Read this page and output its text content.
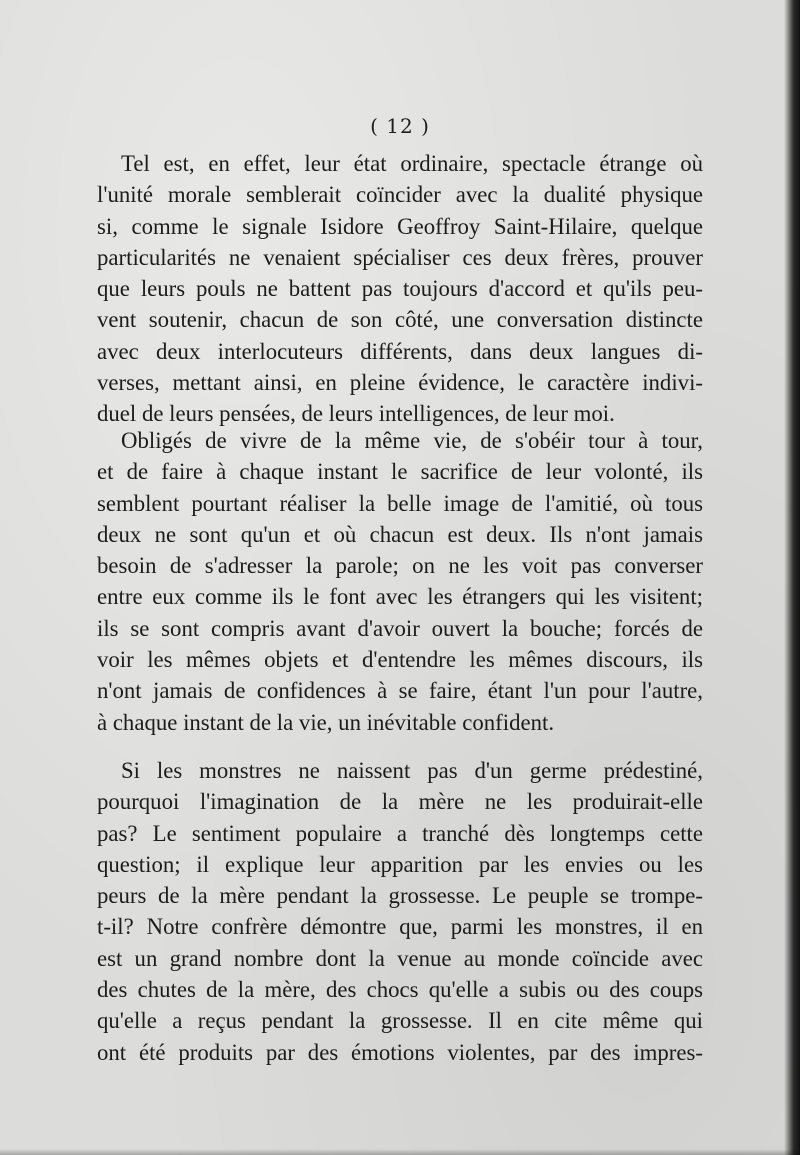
( 12 )
Tel est, en effet, leur état ordinaire, spectacle étrange où
l'unité morale semblerait coïncider avec la dualité physique
si, comme le signale Isidore Geoffroy Saint-Hilaire, quelque
particularités ne venaient spécialiser ces deux frères, prouver
que leurs pouls ne battent pas toujours d'accord et qu'ils peu-
vent soutenir, chacun de son côté, une conversation distincte
avec deux interlocuteurs différents, dans deux langues di-
verses, mettant ainsi, en pleine évidence, le caractère indivi-
duel de leurs pensées, de leurs intelligences, de leur moi.
Obligés de vivre de la même vie, de s'obéir tour à tour,
et de faire à chaque instant le sacrifice de leur volonté, ils
semblent pourtant réaliser la belle image de l'amitié, où tous
deux ne sont qu'un et où chacun est deux. Ils n'ont jamais
besoin de s'adresser la parole; on ne les voit pas converser
entre eux comme ils le font avec les étrangers qui les visitent;
ils se sont compris avant d'avoir ouvert la bouche; forcés de
voir les mêmes objets et d'entendre les mêmes discours, ils
n'ont jamais de confidences à se faire, étant l'un pour l'autre,
à chaque instant de la vie, un inévitable confident.
Si les monstres ne naissent pas d'un germe prédestiné,
pourquoi l'imagination de la mère ne les produirait-elle
pas? Le sentiment populaire a tranché dès longtemps cette
question; il explique leur apparition par les envies ou les
peurs de la mère pendant la grossesse. Le peuple se trompe-
t-il? Notre confrère démontre que, parmi les monstres, il en
est un grand nombre dont la venue au monde coïncide avec
des chutes de la mère, des chocs qu'elle a subis ou des coups
qu'elle a reçus pendant la grossesse. Il en cite même qui
ont été produits par des émotions violentes, par des impres-
